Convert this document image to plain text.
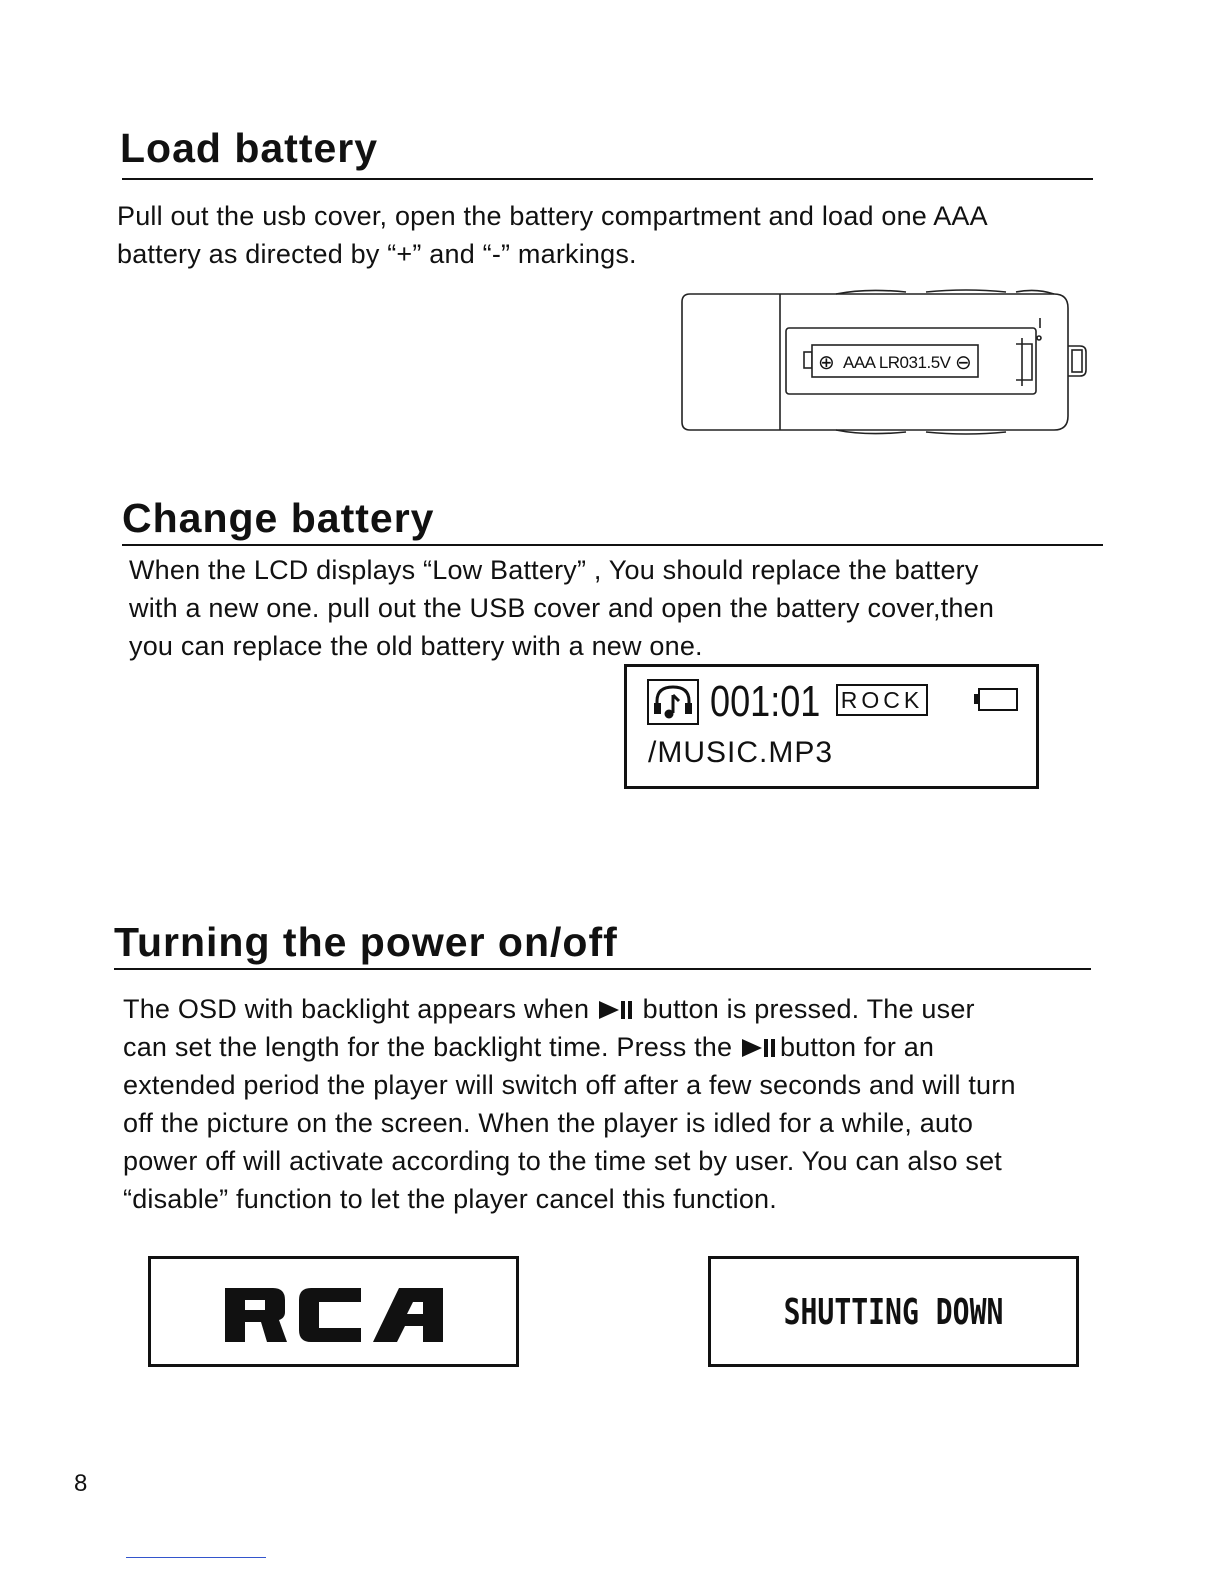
Load battery

Pull out the usb cover, open the battery compartment and load one AAA
battery as directed by “+” and “-” markings.

⊕ AAA LR031.5V ⊖
Change battery

When the LCD displays “Low Battery” , You should replace the battery
with a new one. pull out the USB cover and open the battery cover,then
you can replace the old battery with a new one.

001:01 ROCK
/MUSIC.MP3
Turning the power on/off

The OSD with backlight appears when  button is pressed. The user
can set the length for the backlight time. Press the button for an
extended period the player will switch off after a few seconds and will turn
off the picture on the screen. When the player is idled for a while, auto
power off will activate according to the time set by user. You can also set
“disable” function to let the player cancel this function.

SHUTTING DOWN
8
